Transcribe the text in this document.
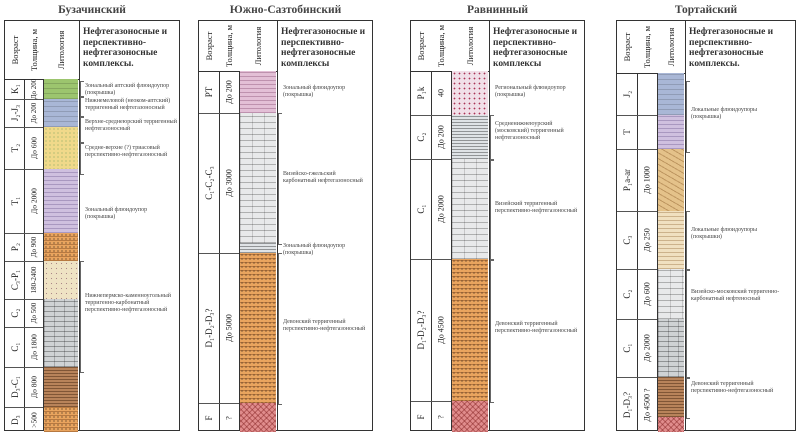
Бузачинский
Возраст
K₁
J₂-J₃
T₂
T₁
P₂
C₃-P₁
C₂
C₁
D₃-C₁
D₃
Толщина, м
До 200
До 200
До 600
До 2000
До 900
180-2400
До 500
До 1800
До 800
>500
Литология Нефтегазоносные и перспективно- нефтегазоносные комплексы.
Зональный аптский флюидоупор (покрышка)
Нижнемеловой (неоком-аптский) терригенный нефтегазоносный
Верхне-среднеюрский терригенный нефтегазоносный
Средне-верхне (?) триасовый перспективно-нефтегазоносный
Зональный флюидоупор (покрышка)
Нижнепермско-каменноугольный терригенно-карбонатный перспективно-нефтегазоносный
Южно-Сазтобинский
Возраст
PT
C₁-C₂-C₃
D₁-D₂-D₃?
F
Толщина, м
До 200
До 3000
До 5000
?
Литология Нефтегазоносные и перспективно- нефтегазоносные комплексы
Зональный флюидоупор (покрышка)
Визейско-гжельский карбонатный нефтегазоносный
Зональный флюидоупор (покрышка)
Девонский терригенный перспективно-нефтегазоносный
Равнинный
Возраст
P₁k
C₂
C₁
D₁-D₂-D₃?
F
Толщина, м
40
До 200
До 2000
До 4500
?
Литология Нефтегазоносные и перспективно- нефтегазоносные комплексы
Региональный флюидоупор (покрышка)
Средненижнеюурский (московский) терригенный нефтегазоносный
Визейский терригенный перспективно-нефтегазоносный
Девонский терригенный перспективно-нефтегазоносный
Тортайский
Возраст
J₂
T
P₁a-ar
C₃
C₂
C₁
D₁-D₃?
Толщина, м
До 1000
До 250
До 600
До 2000
До 4500 ?
Литология Нефтегазоносные и перспективно- нефтегазоносные комплексы.
Локальные флюидоупоры (покрышка)
Локальные флюидоупоры (покрышки)
Визейско-московский терригенно-карбонатный нефтеносный
Девонский терригенный перспективно-нефтегазоносный
